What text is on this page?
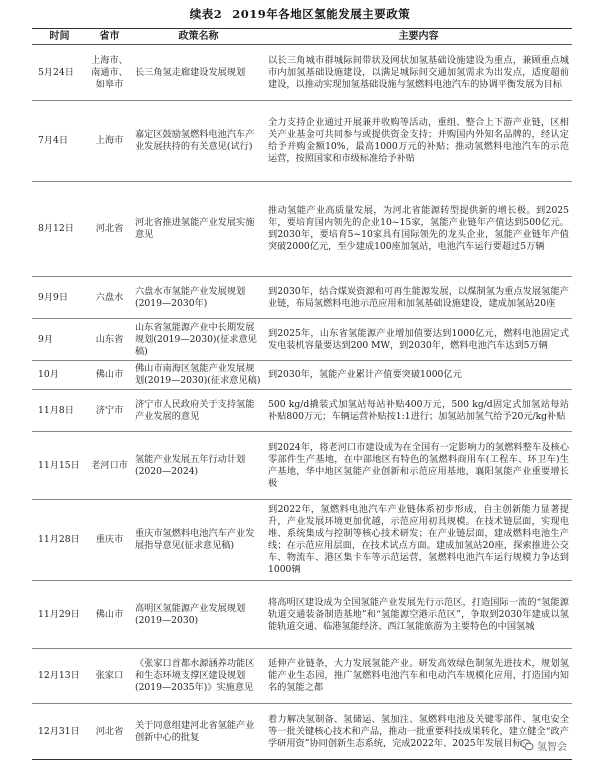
续表2 2019年各地区氢能发展主要政策
时间	省市	政策名称	主要内容
5月24日	上海市、南通市、如皋市	长三角氢走廊建设发展规划	以长三角城市群城际间带状及网状加氢基础设施建设为重点，兼顾重点城市内加氢基础设施建设，以满足城际间交通加氢需求为出发点，适度超前建设，以推动实现加氢基础设施与氢燃料电池汽车的协调平衡发展为目标
7月4日	上海市	嘉定区鼓励氢燃料电池汽车产业发展扶持的有关意见(试行)	全力支持企业通过开展兼并收购等活动，重组、整合上下游产业链，区相关产业基金可共同参与或提供资金支持；并购国内外知名品牌的，经认定给予并购金额10%，最高1000万元的补贴；推动氢燃料电池汽车的示范运营，按照国家和市级标准给予补贴
8月12日	河北省	河北省推进氢能产业发展实施意见	推动氢能产业高质量发展，为河北省能源转型提供新的增长极。到2025年，要培育国内领先的企业10~15家，氢能产业链年产值达到500亿元。到2030年，要培育5~10家具有国际领先的龙头企业，氢能产业链年产值突破2000亿元，至少建成100座加氢站，电池汽车运行要超过5万辆
9月9日	六盘水	六盘水市氢能产业发展规划(2019—2030年)	到2030年，结合煤炭资源和可再生能源发展，以煤制氢为重点发展氢能产业链，布局氢燃料电池示范应用和加氢基础设施建设，建成加氢站20座
9月	山东省	山东省氢能源产业中长期发展规划(2019—2030)(征求意见稿)	到2025年，山东省氢能源产业增加值要达到1000亿元，燃料电池固定式发电装机容量要达到200 MW，到2030年，燃料电池汽车达到5万辆
10月	佛山市	佛山市南海区氢能产业发展规划(2019—2030)(征求意见稿)	到2030年，氢能产业累计产值要突破1000亿元
11月8日	济宁市	济宁市人民政府关于支持氢能产业发展的意见	500 kg/d撬装式加氢站每站补贴400万元，500 kg/d固定式加氢站每站补贴800万元；车辆运营补贴按1:1进行；加氢站加氢气给予20元/kg补贴
11月15日	老河口市	氢能产业发展五年行动计划(2020—2024)	到2024年，将老河口市建设成为在全国有一定影响力的氢燃料整车及核心零部件生产基地，在中部地区有特色的氢燃料商用车(工程车、环卫车)生产基地，华中地区氢能产业创新和示范应用基地，襄阳氢能产业重要增长极
11月28日	重庆市	重庆市氢燃料电池汽车产业发展指导意见(征求意见稿)	到2022年，氢燃料电池汽车产业链体系初步形成，自主创新能力显著提升，产业发展环境更加优越，示范应用初具规模。在技术链层面，实现电堆、系统集成与控制等核心技术研发；在产业链层面，建成燃料电池生产线；在示范应用层面，在技术试点方面。建成加氢站20座，探索推进公交车、物流车、港区集卡车等示范运营，氢燃料电池汽车运行规模力争达到1000辆
11月29日	佛山市	高明区氢能源产业发展规划(2019—2030)	将高明区建设成为全国氢能产业发展先行示范区，打造国际一流的“氢能源轨道交通装备制造基地”和“氢能源空港示范区”，争取到2030年建成以氢能轨道交通、临港氢能经济、西江氢能旅游为主要特色的中国氢城
12月13日	张家口	《张家口首都水源涵养功能区和生态环境支撑区建设规划(2019—2035年)》实施意见	延伸产业链条，大力发展氢能产业。研发高效绿色制氢先进技术，规划氢能产业生态园，推广氢燃料电池汽车和电动汽车规模化应用，打造国内知名的氢能之都
12月31日	河北省	关于同意组建河北省氢能产业创新中心的批复	着力解决氢制备、氢储运、氢加注、氢燃料电池及关键零部件、氢电安全等一批关键核心技术和产品，推动一批重要科技成果转化，建立健全“政产学研用资”协同创新生态系统，完成2022年、2025年发展目标 氢智会
